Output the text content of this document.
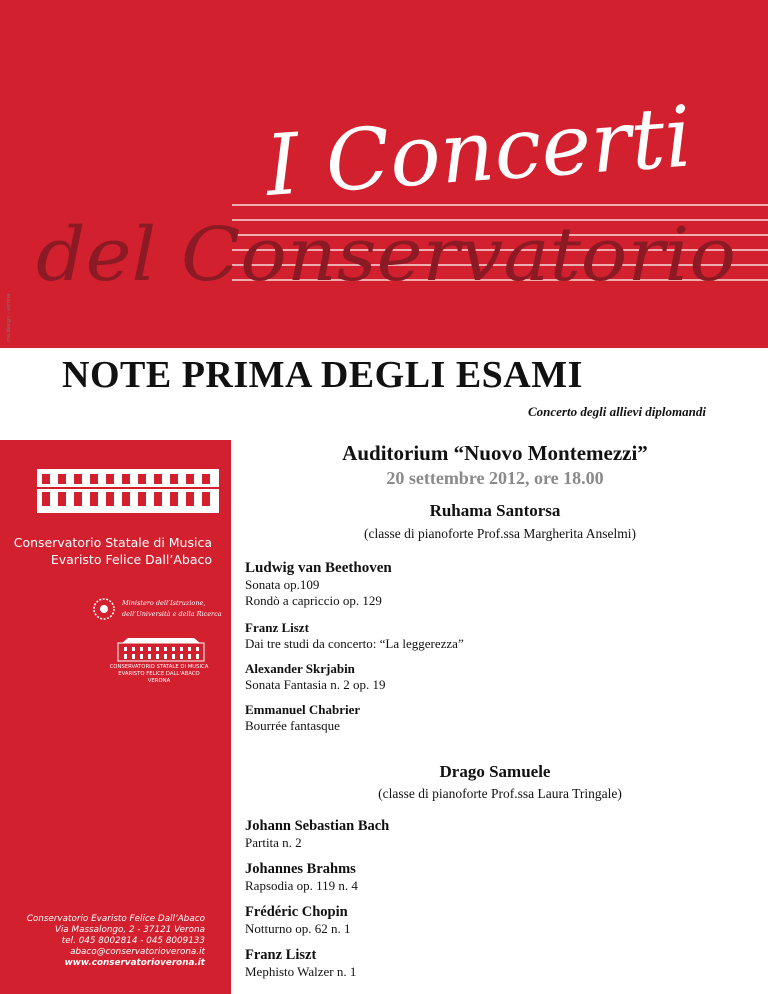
I Concerti
del Conservatorio
ma design - verona
NOTE PRIMA DEGLI ESAMI
Concerto degli allievi diplomandi
Conservatorio Statale di Musica
Evaristo Felice Dall’Abaco
Ministero dell’Istruzione,
dell’Università e della Ricerca
CONSERVATORIO STATALE DI MUSICA
EVARISTO FELICE DALL’ABACO
VERONA
Conservatorio Evaristo Felice Dall’Abaco
Via Massalongo, 2 - 37121 Verona
tel. 045 8002814 - 045 8009133
abaco@conservatorioverona.it
www.conservatorioverona.it
Auditorium “Nuovo Montemezzi”
20 settembre 2012, ore 18.00
Ruhama Santorsa
(classe di pianoforte Prof.ssa Margherita Anselmi)
Ludwig van Beethoven
Sonata op.109
Rondò a capriccio op. 129
Franz Liszt
Dai tre studi da concerto: “La leggerezza”
Alexander Skrjabin
Sonata Fantasia n. 2 op. 19
Emmanuel Chabrier
Bourrée fantasque
Drago Samuele
(classe di pianoforte Prof.ssa Laura Tringale)
Johann Sebastian Bach
Partita n. 2
Johannes Brahms
Rapsodia op. 119 n. 4
Frédéric Chopin
Notturno op. 62 n. 1
Franz Liszt
Mephisto Walzer n. 1
